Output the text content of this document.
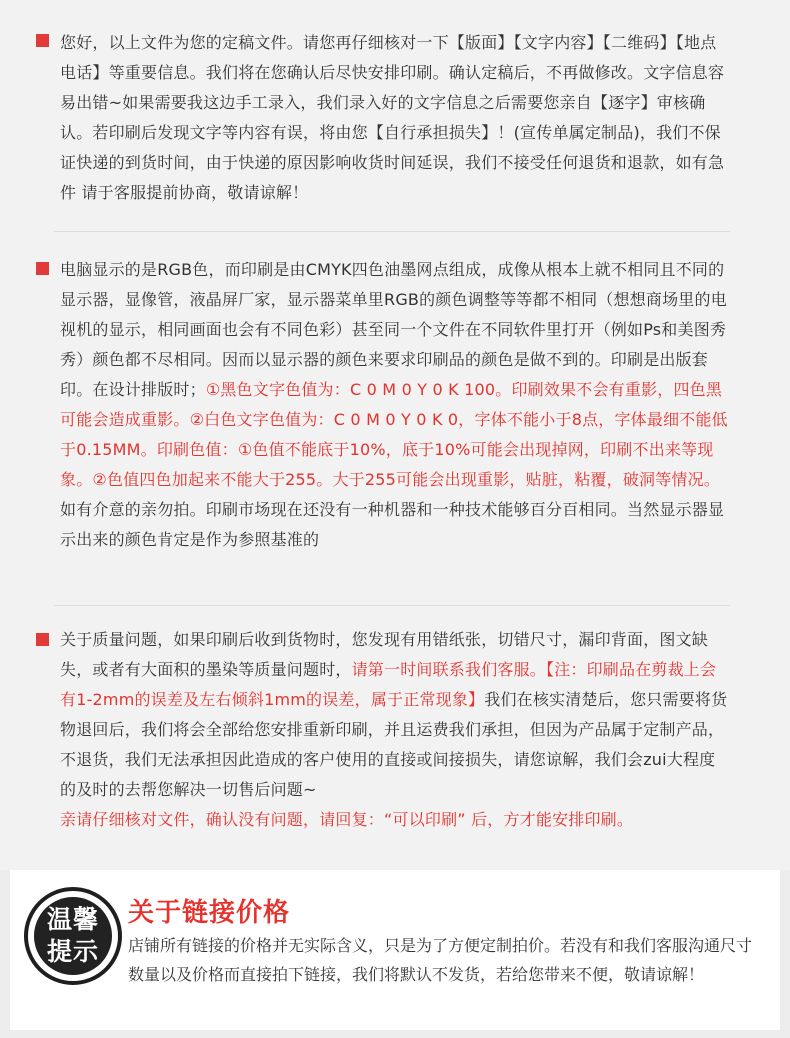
您好，以上文件为您的定稿文件。请您再仔细核对一下【版面】【文字内容】【二维码】【地点电话】等重要信息。我们将在您确认后尽快安排印刷。确认定稿后，不再做修改。文字信息容易出错~如果需要我这边手工录入，我们录入好的文字信息之后需要您亲自【逐字】审核确认。若印刷后发现文字等内容有误，将由您【自行承担损失】！(宣传单属定制品)，我们不保证快递的到货时间，由于快递的原因影响收货时间延误，我们不接受任何退货和退款，如有急件 请于客服提前协商，敬请谅解！
电脑显示的是RGB色，而印刷是由CMYK四色油墨网点组成，成像从根本上就不相同且不同的显示器，显像管，液晶屏厂家，显示器菜单里RGB的颜色调整等等都不相同（想想商场里的电视机的显示，相同画面也会有不同色彩）甚至同一个文件在不同软件里打开（例如Ps和美图秀秀）颜色都不尽相同。因而以显示器的颜色来要求印刷品的颜色是做不到的。印刷是出版套印。在设计排版时；①黑色文字色值为：C 0 M 0 Y 0 K 100。印刷效果不会有重影，四色黑可能会造成重影。②白色文字色值为：C 0 M 0 Y 0 K 0，字体不能小于8点，字体最细不能低于0.15MM。印刷色值：①色值不能底于10%，底于10%可能会出现掉网，印刷不出来等现象。②色值四色加起来不能大于255。大于255可能会出现重影，贴脏，粘覆，破洞等情况。如有介意的亲勿拍。印刷市场现在还没有一种机器和一种技术能够百分百相同。当然显示器显示出来的颜色肯定是作为参照基准的
关于质量问题，如果印刷后收到货物时，您发现有用错纸张，切错尺寸，漏印背面，图文缺失，或者有大面积的墨染等质量问题时，请第一时间联系我们客服。【注：印刷品在剪裁上会有1-2mm的误差及左右倾斜1mm的误差，属于正常现象】我们在核实清楚后，您只需要将货物退回后，我们将会全部给您安排重新印刷，并且运费我们承担，但因为产品属于定制产品，不退货，我们无法承担因此造成的客户使用的直接或间接损失，请您谅解，我们会zui大程度的及时的去帮您解决一切售后问题~
亲请仔细核对文件，确认没有问题，请回复：“可以印刷” 后，方才能安排印刷。
温馨
提示
关于链接价格
店铺所有链接的价格并无实际含义，只是为了方便定制拍价。若没有和我们客服沟通尺寸数量以及价格而直接拍下链接，我们将默认不发货，若给您带来不便，敬请谅解！
